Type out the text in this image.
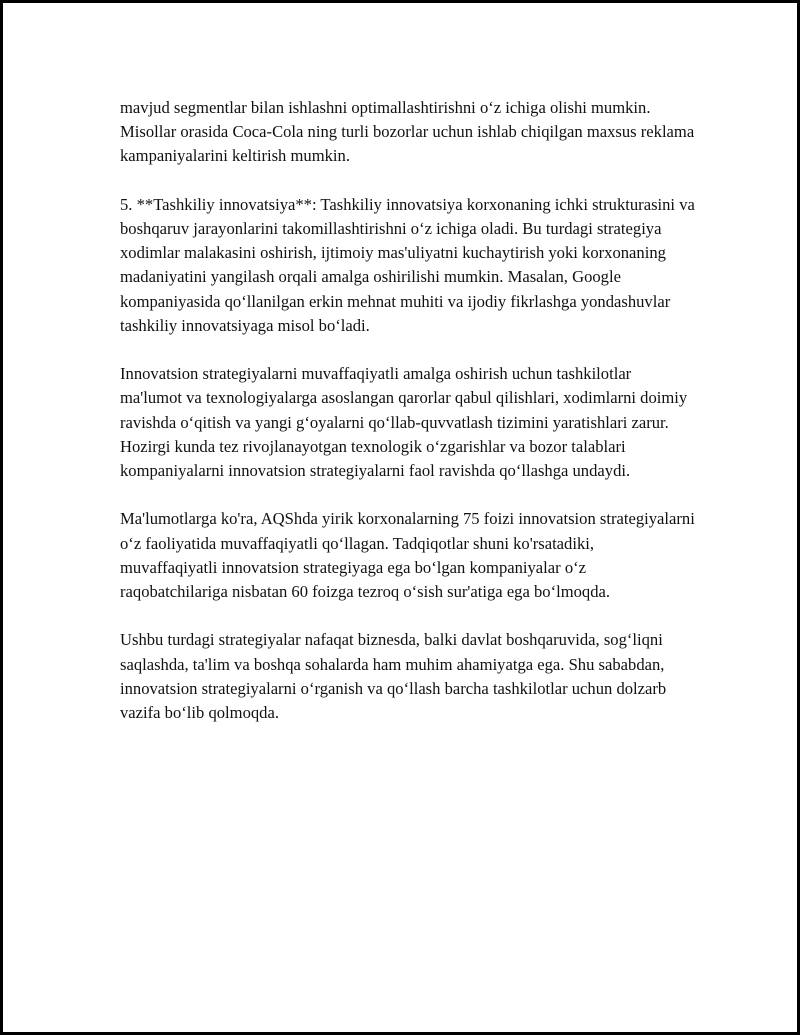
mavjud segmentlar bilan ishlashni optimallashtirishni o‘z ichiga olishi mumkin. Misollar orasida Coca-Cola ning turli bozorlar uchun ishlab chiqilgan maxsus reklama kampaniyalarini keltirish mumkin.

5. **Tashkiliy innovatsiya**: Tashkiliy innovatsiya korxonaning ichki strukturasini va boshqaruv jarayonlarini takomillashtirishni o‘z ichiga oladi. Bu turdagi strategiya xodimlar malakasini oshirish, ijtimoiy mas'uliyatni kuchaytirish yoki korxonaning madaniyatini yangilash orqali amalga oshirilishi mumkin. Masalan, Google kompaniyasida qo‘llanilgan erkin mehnat muhiti va ijodiy fikrlashga yondashuvlar tashkiliy innovatsiyaga misol bo‘ladi.

Innovatsion strategiyalarni muvaffaqiyatli amalga oshirish uchun tashkilotlar ma'lumot va texnologiyalarga asoslangan qarorlar qabul qilishlari, xodimlarni doimiy ravishda o‘qitish va yangi g‘oyalarni qo‘llab-quvvatlash tizimini yaratishlari zarur. Hozirgi kunda tez rivojlanayotgan texnologik o‘zgarishlar va bozor talablari kompaniyalarni innovatsion strategiyalarni faol ravishda qo‘llashga undaydi.

Ma'lumotlarga ko'ra, AQShda yirik korxonalarning 75 foizi innovatsion strategiyalarni o‘z faoliyatida muvaffaqiyatli qo‘llagan. Tadqiqotlar shuni ko'rsatadiki, muvaffaqiyatli innovatsion strategiyaga ega bo‘lgan kompaniyalar o‘z raqobatchilariga nisbatan 60 foizga tezroq o‘sish sur'atiga ega bo‘lmoqda.

Ushbu turdagi strategiyalar nafaqat biznesda, balki davlat boshqaruvida, sog‘liqni saqlashda, ta'lim va boshqa sohalarda ham muhim ahamiyatga ega. Shu sababdan, innovatsion strategiyalarni o‘rganish va qo‘llash barcha tashkilotlar uchun dolzarb vazifa bo‘lib qolmoqda.
